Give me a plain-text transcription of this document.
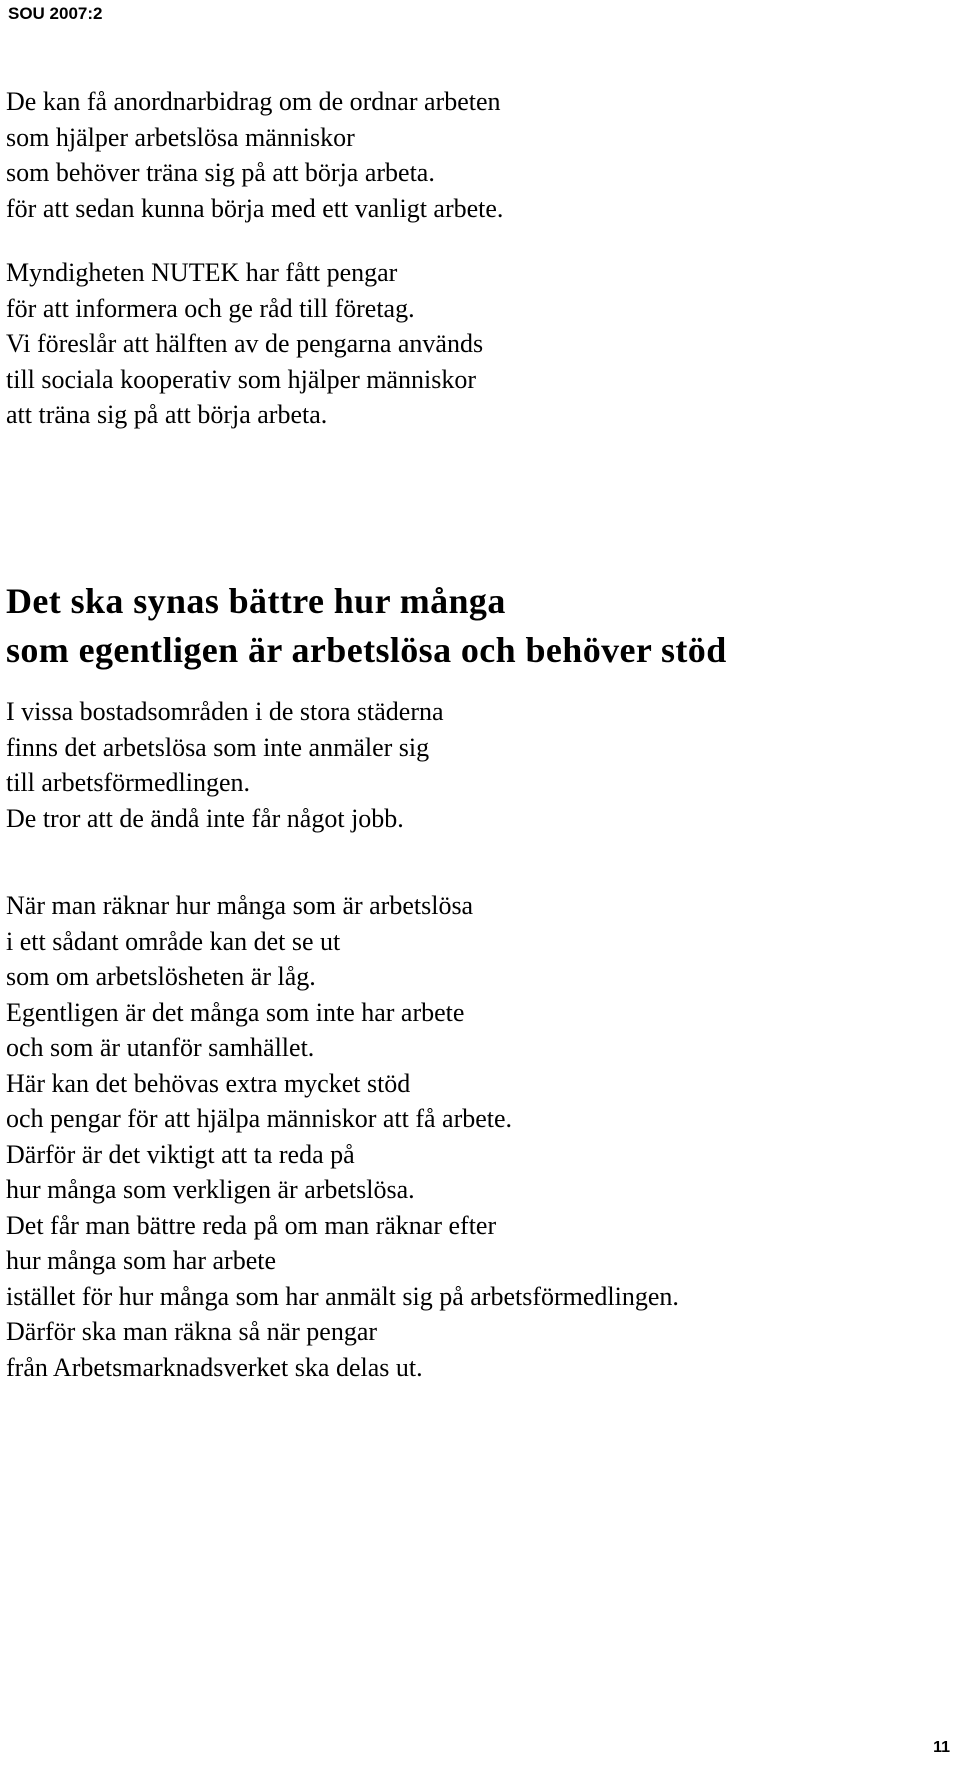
SOU 2007:2

De kan få anordnarbidrag om de ordnar arbeten
som hjälper arbetslösa människor
som behöver träna sig på att börja arbeta.
för att sedan kunna börja med ett vanligt arbete.

Myndigheten NUTEK har fått pengar
för att informera och ge råd till företag.
Vi föreslår att hälften av de pengarna används
till sociala kooperativ som hjälper människor
att träna sig på att börja arbeta.

Det ska synas bättre hur många
som egentligen är arbetslösa och behöver stöd

I vissa bostadsområden i de stora städerna
finns det arbetslösa som inte anmäler sig
till arbetsförmedlingen.
De tror att de ändå inte får något jobb.

När man räknar hur många som är arbetslösa
i ett sådant område kan det se ut
som om arbetslösheten är låg.
Egentligen är det många som inte har arbete
och som är utanför samhället.
Här kan det behövas extra mycket stöd
och pengar för att hjälpa människor att få arbete.
Därför är det viktigt att ta reda på
hur många som verkligen är arbetslösa.
Det får man bättre reda på om man räknar efter
hur många som har arbete
istället för hur många som har anmält sig på arbetsförmedlingen.
Därför ska man räkna så när pengar
från Arbetsmarknadsverket ska delas ut.

11
